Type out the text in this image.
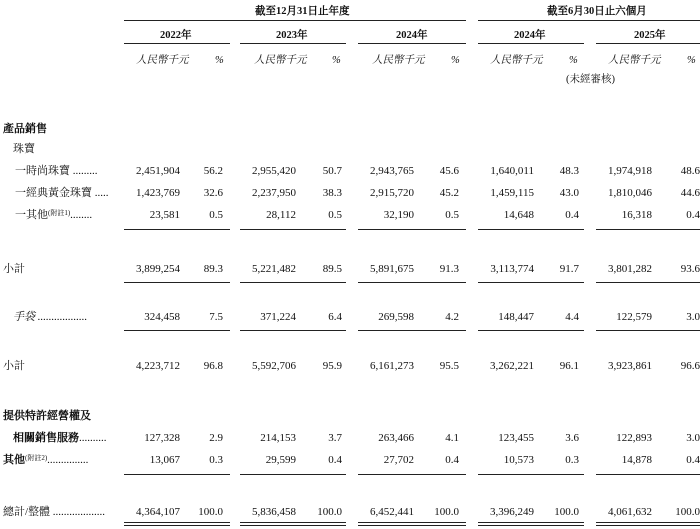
截至12月31日止年度	截至6月30日止六個月
2022年	2023年	2024年	2024年	2025年
人民幣千元	%	人民幣千元 %	人民幣千元	%	人民幣千元	%	人民幣千元	%
(未經審核)
產品銷售
珠寶
一時尚珠寶 .........	2,451,904 56.2	2,955,420 50.7	2,943,765 45.6	1,640,011 48.3	1,974,918	48.6
一經典黃金珠寶 .....	1,423,769 32.6	2,237,950 38.3	2,915,720 45.2	1,459,115 43.0	1,810,046	44.6
一其他$^{(附註1)}$........	23,581	0.5	28,112	0.5	32,190	0.5	14,648	0.4	16,318	0.4
小計	3,899,254 89.3	5,221,482 89.5	5,891,675 91.3	3,113,774 91.7	3,801,282	93.6
手袋 ..................	324,458	7.5	371,224	6.4	269,598	4.2	148,447	4.4	122,579	3.0
小計	4,223,712 96.8	5,592,706 95.9	6,161,273 95.5	3,262,221 96.1	3,923,861	96.6
提供特許經營權及
相關銷售服務..........	127,328	2.9	214,153	3.7	263,466	4.1	123,455	3.6	122,893	3.0
其他$^{(附註2)}$...............	13,067	0.3	29,599	0.4	27,702	0.4	10,573	0.3	14,878	0.4
總計/整體 ...................	4,364,107 100.0	5,836,458 100.0	6,452,441 100.0	3,396,249 100.0	4,061,632 100.0
